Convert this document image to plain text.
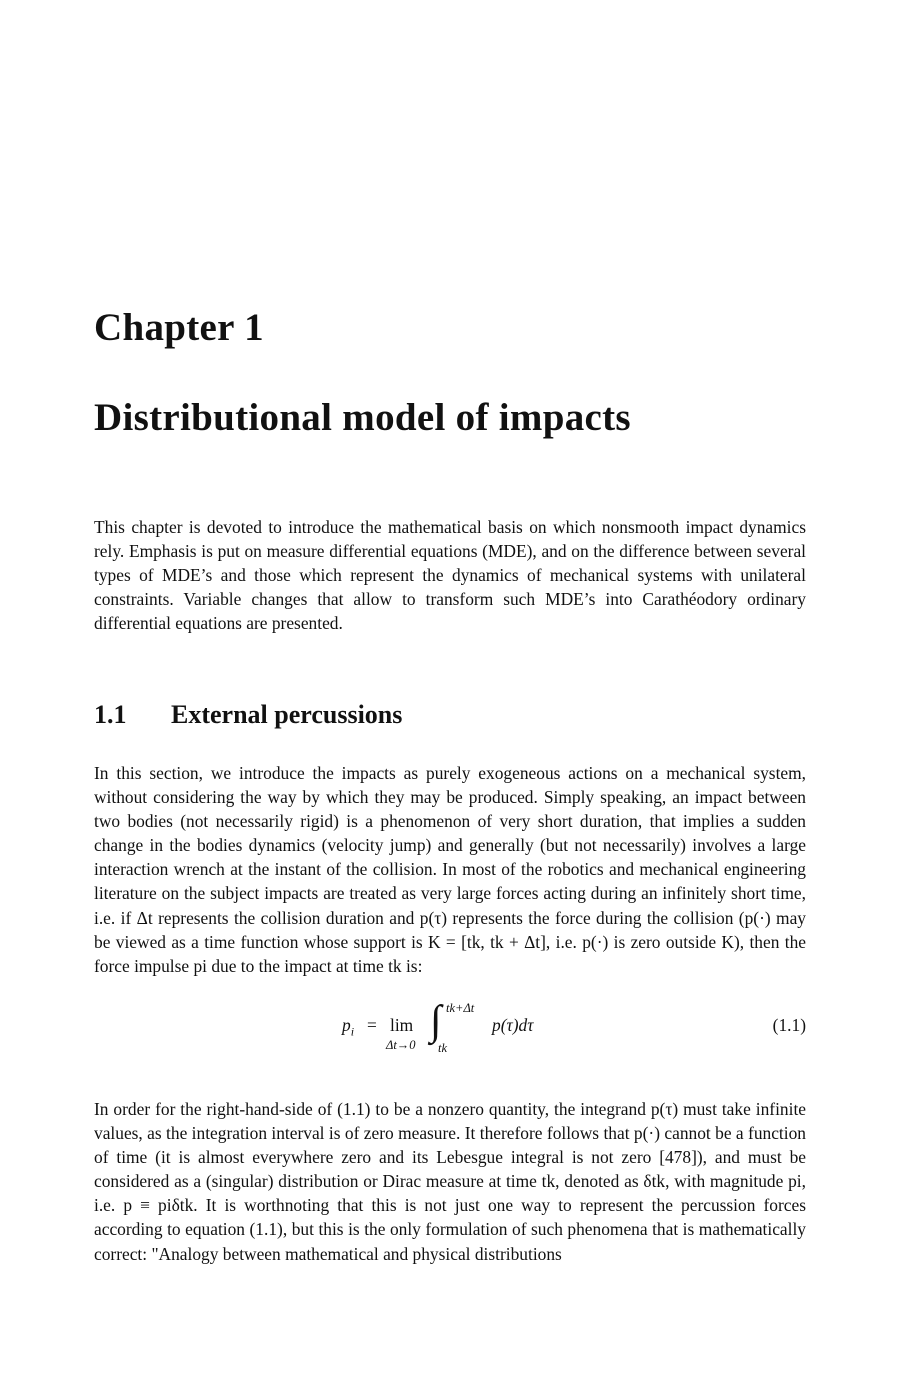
Chapter 1
Distributional model of impacts

This chapter is devoted to introduce the mathematical basis on which nonsmooth impact dynamics rely. Emphasis is put on measure differential equations (MDE), and on the difference between several types of MDE’s and those which represent the dynamics of mechanical systems with unilateral constraints. Variable changes that allow to transform such MDE’s into Carathéodory ordinary differential equations are presented.

1.1 External percussions

In this section, we introduce the impacts as purely exogeneous actions on a mechanical system, without considering the way by which they may be produced. Simply speaking, an impact between two bodies (not necessarily rigid) is a phenomenon of very short duration, that implies a sudden change in the bodies dynamics (velocity jump) and generally (but not necessarily) involves a large interaction wrench at the instant of the collision. In most of the robotics and mechanical engineering literature on the subject impacts are treated as very large forces acting during an infinitely short time, i.e. if Δt represents the collision duration and p(τ) represents the force during the collision (p(·) may be viewed as a time function whose support is K = [tk, tk + Δt], i.e. p(·) is zero outside K), then the force impulse pi due to the impact at time tk is:

$p_i = \lim$
Δt→0
∫ tk+Δt
tk
p(τ)dτ	(1.1)

In order for the right-hand-side of (1.1) to be a nonzero quantity, the integrand p(τ) must take infinite values, as the integration interval is of zero measure. It therefore follows that p(·) cannot be a function of time (it is almost everywhere zero and its Lebesgue integral is not zero [478]), and must be considered as a (singular) distribution or Dirac measure at time tk, denoted as δtk, with magnitude pi, i.e. p ≡ piδtk. It is worthnoting that this is not just one way to represent the percussion forces according to equation (1.1), but this is the only formulation of such phenomena that is mathematically correct: "Analogy between mathematical and physical distributions
